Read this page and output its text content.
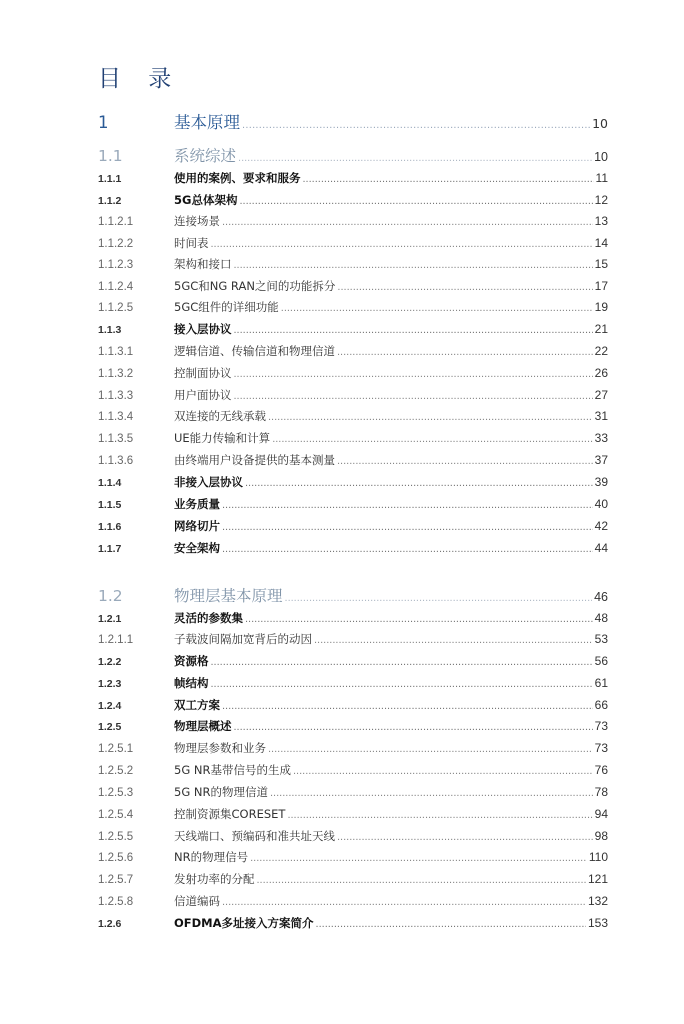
目 录
1	基本原理 .....	10
1.1	系统综述 .....	10
1.1.1	使用的案例、要求和服务 .....	11
1.1.2	5G总体架构 .....	12
1.1.2.1	连接场景 .....	13
1.1.2.2	时间表 .....	14
1.1.2.3	架构和接口 .....	15
1.1.2.4	5GC和NG RAN之间的功能拆分 .....	17
1.1.2.5	5GC组件的详细功能 .....	19
1.1.3	接入层协议 .....	21
1.1.3.1	逻辑信道、传输信道和物理信道 .....	22
1.1.3.2	控制面协议 .....	26
1.1.3.3	用户面协议 .....	27
1.1.3.4	双连接的无线承载 .....	31
1.1.3.5	UE能力传输和计算 .....	33
1.1.3.6	由终端用户设备提供的基本测量 .....	37
1.1.4	非接入层协议 .....	39
1.1.5	业务质量 .....	40
1.1.6	网络切片 .....	42
1.1.7	安全架构 .....	44
1.2	物理层基本原理 .....	46
1.2.1	灵活的参数集 .....	48
1.2.1.1	子载波间隔加宽背后的动因 .....	53
1.2.2	资源格 .....	56
1.2.3	帧结构 .....	61
1.2.4	双工方案 .....	66
1.2.5	物理层概述 .....	73
1.2.5.1	物理层参数和业务 .....	73
1.2.5.2	5G NR基带信号的生成 .....	76
1.2.5.3	5G NR的物理信道 .....	78
1.2.5.4	控制资源集CORESET .....	94
1.2.5.5	天线端口、预编码和准共址天线 .....	98
1.2.5.6	NR的物理信号 .....	110
1.2.5.7	发射功率的分配 .....	121
1.2.5.8	信道编码 .....	132
1.2.6	OFDMA多址接入方案简介 .....	153
